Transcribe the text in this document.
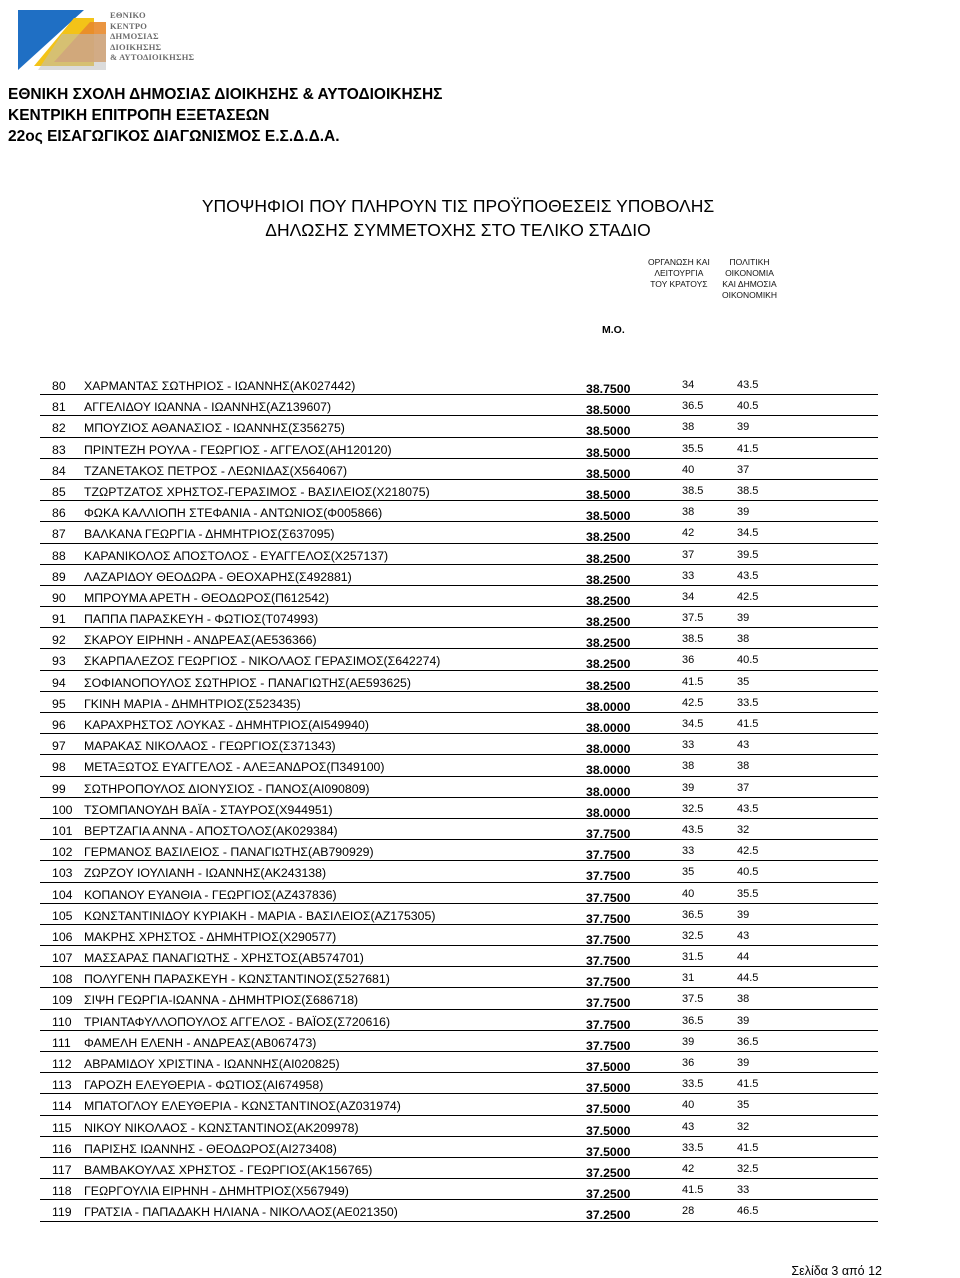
ΕΘΝΙΚΟ
ΚΕΝΤΡΟ
ΔΗΜΟΣΙΑΣ
ΔΙΟΙΚΗΣΗΣ
& ΑΥΤΟΔΙΟΙΚΗΣΗΣ
ΕΘΝΙΚΗ ΣΧΟΛΗ ΔΗΜΟΣΙΑΣ ΔΙΟΙΚΗΣΗΣ & ΑΥΤΟΔΙΟΙΚΗΣΗΣ
ΚΕΝΤΡΙΚΗ ΕΠΙΤΡΟΠΗ ΕΞΕΤΑΣΕΩΝ
22ος ΕΙΣΑΓΩΓΙΚΟΣ ΔΙΑΓΩΝΙΣΜΟΣ Ε.Σ.Δ.Δ.Α.
ΥΠΟΨΗΦΙΟΙ ΠΟΥ ΠΛΗΡΟΥΝ ΤΙΣ ΠΡΟΫΠΟΘΕΣΕΙΣ ΥΠΟΒΟΛΗΣ
ΔΗΛΩΣΗΣ ΣΥΜΜΕΤΟΧΗΣ ΣΤΟ ΤΕΛΙΚΟ ΣΤΑΔΙΟ
ΟΡΓΑΝΩΣΗ ΚΑΙ
ΛΕΙΤΟΥΡΓΙΑ
ΤΟΥ ΚΡΑΤΟΥΣ
ΠΟΛΙΤΙΚΗ
ΟΙΚΟΝΟΜΙΑ
ΚΑΙ ΔΗΜΟΣΙΑ
ΟΙΚΟΝΟΜΙΚΗ
Μ.Ο.
80 ΧΑΡΜΑΝΤΑΣ ΣΩΤΗΡΙΟΣ - ΙΩΑΝΝΗΣ(ΑΚ027442)	38.7500	34	43.5
81 ΑΓΓΕΛΙΔΟΥ ΙΩΑΝΝΑ - ΙΩΑΝΝΗΣ(ΑΖ139607)	38.5000	36.5	40.5
82 ΜΠΟΥΖΙΟΣ ΑΘΑΝΑΣΙΟΣ - ΙΩΑΝΝΗΣ(Σ356275)	38.5000	38	39
83 ΠΡΙΝΤΕΖΗ ΡΟΥΛΑ - ΓΕΩΡΓΙΟΣ - ΑΓΓΕΛΟΣ(ΑΗ120120)	38.5000	35.5	41.5
84 ΤΖΑΝΕΤΑΚΟΣ ΠΕΤΡΟΣ - ΛΕΩΝΙΔΑΣ(Χ564067)	38.5000	40	37
85 ΤΖΩΡΤΖΑΤΟΣ ΧΡΗΣΤΟΣ-ΓΕΡΑΣΙΜΟΣ - ΒΑΣΙΛΕΙΟΣ(Χ218075)	38.5000	38.5	38.5
86 ΦΩΚΑ ΚΑΛΛΙΟΠΗ ΣΤΕΦΑΝΙΑ - ΑΝΤΩΝΙΟΣ(Φ005866)	38.5000	38	39
87 ΒΑΛΚΑΝΑ ΓΕΩΡΓΙΑ - ΔΗΜΗΤΡΙΟΣ(Σ637095)	38.2500	42	34.5
88 ΚΑΡΑΝΙΚΟΛΟΣ ΑΠΟΣΤΟΛΟΣ - ΕΥΑΓΓΕΛΟΣ(Χ257137)	38.2500	37	39.5
89 ΛΑΖΑΡΙΔΟΥ ΘΕΟΔΩΡΑ - ΘΕΟΧΑΡΗΣ(Σ492881)	38.2500	33	43.5
90 ΜΠΡΟΥΜΑ ΑΡΕΤΗ - ΘΕΟΔΩΡΟΣ(Π612542)	38.2500	34	42.5
91 ΠΑΠΠΑ ΠΑΡΑΣΚΕΥΗ - ΦΩΤΙΟΣ(Τ074993)	38.2500	37.5	39
92 ΣΚΑΡΟΥ ΕΙΡΗΝΗ - ΑΝΔΡΕΑΣ(ΑΕ536366)	38.2500	38.5	38
93 ΣΚΑΡΠΑΛΕΖΟΣ ΓΕΩΡΓΙΟΣ - ΝΙΚΟΛΑΟΣ ΓΕΡΑΣΙΜΟΣ(Σ642274)	38.2500	36	40.5
94 ΣΟΦΙΑΝΟΠΟΥΛΟΣ ΣΩΤΗΡΙΟΣ - ΠΑΝΑΓΙΩΤΗΣ(ΑΕ593625)	38.2500	41.5	35
95 ΓΚΙΝΗ ΜΑΡΙΑ - ΔΗΜΗΤΡΙΟΣ(Σ523435)	38.0000	42.5	33.5
96 ΚΑΡΑΧΡΗΣΤΟΣ ΛΟΥΚΑΣ - ΔΗΜΗΤΡΙΟΣ(ΑΙ549940)	38.0000	34.5	41.5
97 ΜΑΡΑΚΑΣ ΝΙΚΟΛΑΟΣ - ΓΕΩΡΓΙΟΣ(Σ371343)	38.0000	33	43
98 ΜΕΤΑΞΩΤΟΣ ΕΥΑΓΓΕΛΟΣ - ΑΛΕΞΑΝΔΡΟΣ(Π349100)	38.0000	38	38
99 ΣΩΤΗΡΟΠΟΥΛΟΣ ΔΙΟΝΥΣΙΟΣ - ΠΑΝΟΣ(ΑΙ090809)	38.0000	39	37
100 ΤΣΟΜΠΑΝΟΥΔΗ ΒΑΪΑ - ΣΤΑΥΡΟΣ(Χ944951)	38.0000	32.5	43.5
101 ΒΕΡΤΖΑΓΙΑ ΑΝΝΑ - ΑΠΟΣΤΟΛΟΣ(ΑΚ029384)	37.7500	43.5	32
102 ΓΕΡΜΑΝΟΣ ΒΑΣΙΛΕΙΟΣ - ΠΑΝΑΓΙΩΤΗΣ(ΑΒ790929)	37.7500	33	42.5
103 ΖΩΡΖΟΥ ΙΟΥΛΙΑΝΗ - ΙΩΑΝΝΗΣ(ΑΚ243138)	37.7500	35	40.5
104 ΚΟΠΑΝΟΥ ΕΥΑΝΘΙΑ - ΓΕΩΡΓΙΟΣ(ΑΖ437836)	37.7500	40	35.5
105 ΚΩΝΣΤΑΝΤΙΝΙΔΟΥ ΚΥΡΙΑΚΗ - ΜΑΡΙΑ - ΒΑΣΙΛΕΙΟΣ(ΑΖ175305)	37.7500	36.5	39
106 ΜΑΚΡΗΣ ΧΡΗΣΤΟΣ - ΔΗΜΗΤΡΙΟΣ(Χ290577)	37.7500	32.5	43
107 ΜΑΣΣΑΡΑΣ ΠΑΝΑΓΙΩΤΗΣ - ΧΡΗΣΤΟΣ(ΑΒ574701)	37.7500	31.5	44
108 ΠΟΛΥΓΕΝΗ ΠΑΡΑΣΚΕΥΗ - ΚΩΝΣΤΑΝΤΙΝΟΣ(Σ527681)	37.7500	31	44.5
109 ΣΙΨΗ ΓΕΩΡΓΙΑ-ΙΩΑΝΝΑ - ΔΗΜΗΤΡΙΟΣ(Σ686718)	37.7500	37.5	38
110 ΤΡΙΑΝΤΑΦΥΛΛΟΠΟΥΛΟΣ ΑΓΓΕΛΟΣ - ΒΑΪΟΣ(Σ720616)	37.7500	36.5	39
111 ΦΑΜΕΛΗ ΕΛΕΝΗ - ΑΝΔΡΕΑΣ(ΑΒ067473)	37.7500	39	36.5
112 ΑΒΡΑΜΙΔΟΥ ΧΡΙΣΤΙΝΑ - ΙΩΑΝΝΗΣ(ΑΙ020825)	37.5000	36	39
113 ΓΑΡΟΖΗ ΕΛΕΥΘΕΡΙΑ - ΦΩΤΙΟΣ(ΑΙ674958)	37.5000	33.5	41.5
114 ΜΠΑΤΟΓΛΟΥ ΕΛΕΥΘΕΡΙΑ - ΚΩΝΣΤΑΝΤΙΝΟΣ(ΑΖ031974)	37.5000	40	35
115 ΝΙΚΟΥ ΝΙΚΟΛΑΟΣ - ΚΩΝΣΤΑΝΤΙΝΟΣ(ΑΚ209978)	37.5000	43	32
116 ΠΑΡΙΣΗΣ ΙΩΑΝΝΗΣ - ΘΕΟΔΩΡΟΣ(ΑΙ273408)	37.5000	33.5	41.5
117 ΒΑΜΒΑΚΟΥΛΑΣ ΧΡΗΣΤΟΣ - ΓΕΩΡΓΙΟΣ(ΑΚ156765)	37.2500	42	32.5
118 ΓΕΩΡΓΟΥΛΙΑ ΕΙΡΗΝΗ - ΔΗΜΗΤΡΙΟΣ(Χ567949)	37.2500	41.5	33
119 ΓΡΑΤΣΙΑ - ΠΑΠΑΔΑΚΗ ΗΛΙΑΝΑ - ΝΙΚΟΛΑΟΣ(ΑΕ021350)	37.2500	28	46.5
Σελίδα 3 από 12
